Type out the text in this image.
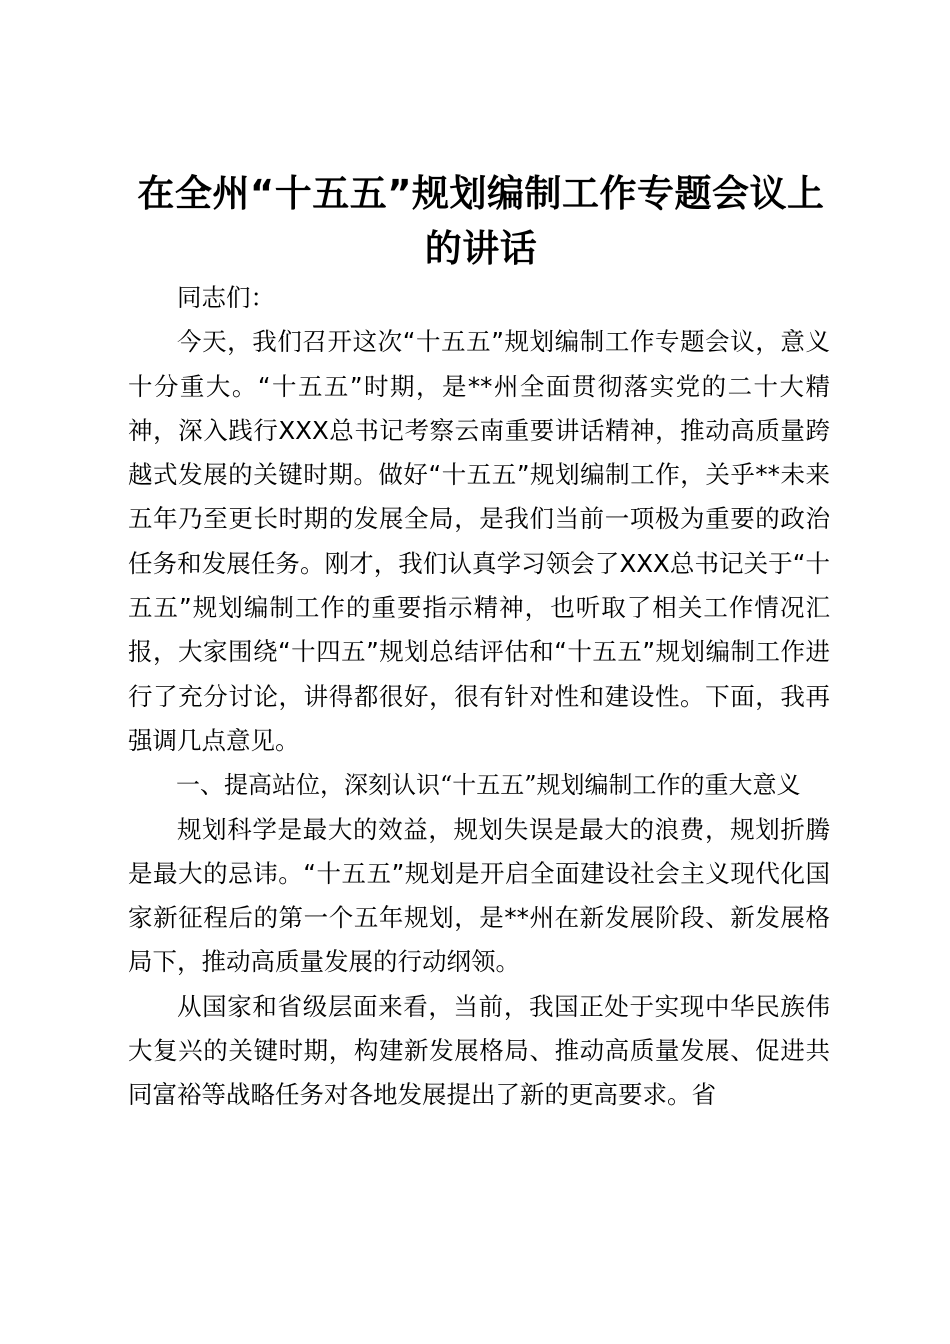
在全州“十五五”规划编制工作专题会议上的讲话

同志们：

今天，我们召开这次“十五五”规划编制工作专题会议，意义十分重大。“十五五”时期，是**州全面贯彻落实党的二十大精神，深入践行XXX总书记考察云南重要讲话精神，推动高质量跨越式发展的关键时期。做好“十五五”规划编制工作，关乎**未来五年乃至更长时期的发展全局，是我们当前一项极为重要的政治任务和发展任务。刚才，我们认真学习领会了XXX总书记关于“十五五”规划编制工作的重要指示精神，也听取了相关工作情况汇报，大家围绕“十四五”规划总结评估和“十五五”规划编制工作进行了充分讨论，讲得都很好，很有针对性和建设性。下面，我再强调几点意见。

一、提高站位，深刻认识“十五五”规划编制工作的重大意义

规划科学是最大的效益，规划失误是最大的浪费，规划折腾是最大的忌讳。“十五五”规划是开启全面建设社会主义现代化国家新征程后的第一个五年规划，是**州在新发展阶段、新发展格局下，推动高质量发展的行动纲领。

从国家和省级层面来看，当前，我国正处于实现中华民族伟大复兴的关键时期，构建新发展格局、推动高质量发展、促进共同富裕等战略任务对各地发展提出了新的更高要求。省
